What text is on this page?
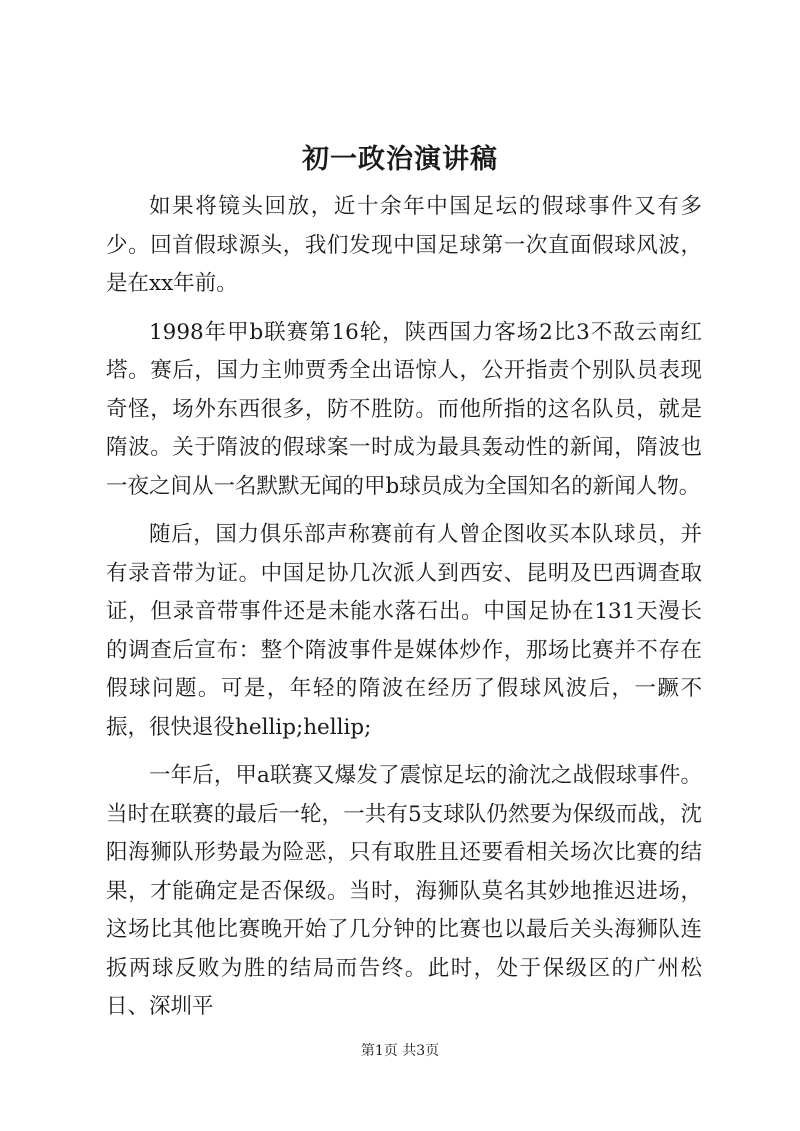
初一政治演讲稿

如果将镜头回放，近十余年中国足坛的假球事件又有多少。回首假球源头，我们发现中国足球第一次直面假球风波，是在xx年前。

1998年甲b联赛第16轮，陕西国力客场2比3不敌云南红塔。赛后，国力主帅贾秀全出语惊人，公开指责个别队员表现奇怪，场外东西很多，防不胜防。而他所指的这名队员，就是隋波。关于隋波的假球案一时成为最具轰动性的新闻，隋波也一夜之间从一名默默无闻的甲b球员成为全国知名的新闻人物。

随后，国力俱乐部声称赛前有人曾企图收买本队球员，并有录音带为证。中国足协几次派人到西安、昆明及巴西调查取证，但录音带事件还是未能水落石出。中国足协在131天漫长的调查后宣布：整个隋波事件是媒体炒作，那场比赛并不存在假球问题。可是，年轻的隋波在经历了假球风波后，一蹶不振，很快退役hellip;hellip;

一年后，甲a联赛又爆发了震惊足坛的渝沈之战假球事件。当时在联赛的最后一轮，一共有5支球队仍然要为保级而战，沈阳海狮队形势最为险恶，只有取胜且还要看相关场次比赛的结果，才能确定是否保级。当时，海狮队莫名其妙地推迟进场，这场比其他比赛晚开始了几分钟的比赛也以最后关头海狮队连扳两球反败为胜的结局而告终。此时，处于保级区的广州松日、深圳平

第1页 共3页
